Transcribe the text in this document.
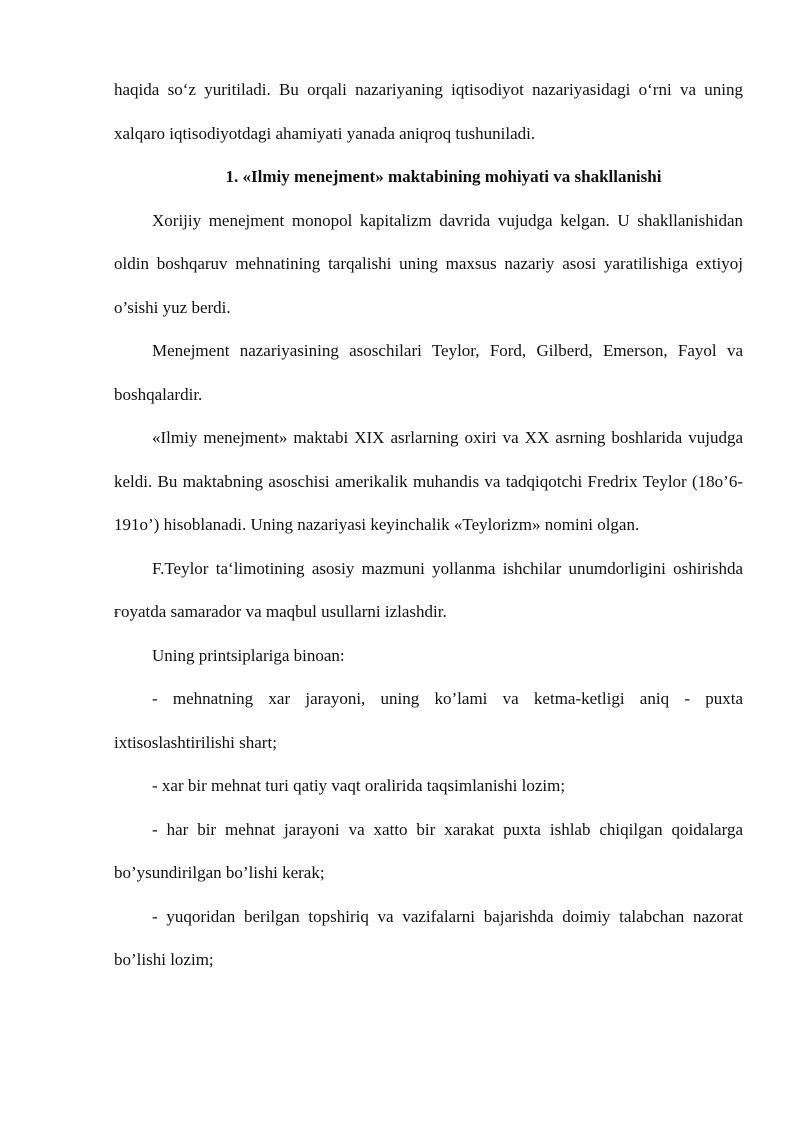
haqida so‘z yuritiladi. Bu orqali nazariyaning iqtisodiyot nazariyasidagi o‘rni va uning xalqaro iqtisodiyotdagi ahamiyati yanada aniqroq tushuniladi.

1. «Ilmiy menejment» maktabining mohiyati va shakllanishi

Xorijiy menejment monopol kapitalizm davrida vujudga kelgan. U shakllanishidan oldin boshqaruv mehnatining tarqalishi uning maxsus nazariy asosi yaratilishiga extiyoj o’sishi yuz berdi.

Menejment nazariyasining asoschilari Teylor, Ford, Gilberd, Emerson, Fayol va boshqalardir.

«Ilmiy menejment» maktabi XIX asrlarning oxiri va XX asrning boshlarida vujudga keldi. Bu maktabning asoschisi amerikalik muhandis va tadqiqotchi Fredrix Teylor (18o’6-191o’) hisoblanadi. Uning nazariyasi keyinchalik «Teylorizm» nomini olgan.

F.Teylor ta‘limotining asosiy mazmuni yollanma ishchilar unumdorligini oshirishda ғoyatda samarador va maqbul usullarni izlashdir.

Uning printsiplariga binoan:

- mehnatning xar jarayoni, uning ko’lami va ketma-ketligi aniq - puxta ixtisoslashtirilishi shart;

- xar bir mehnat turi qatiy vaqt oralirida taqsimlanishi lozim;

- har bir mehnat jarayoni va xatto bir xarakat puxta ishlab chiqilgan qoidalarga bo’ysundirilgan bo’lishi kerak;

- yuqoridan berilgan topshiriq va vazifalarni bajarishda doimiy talabchan nazorat bo’lishi lozim;
